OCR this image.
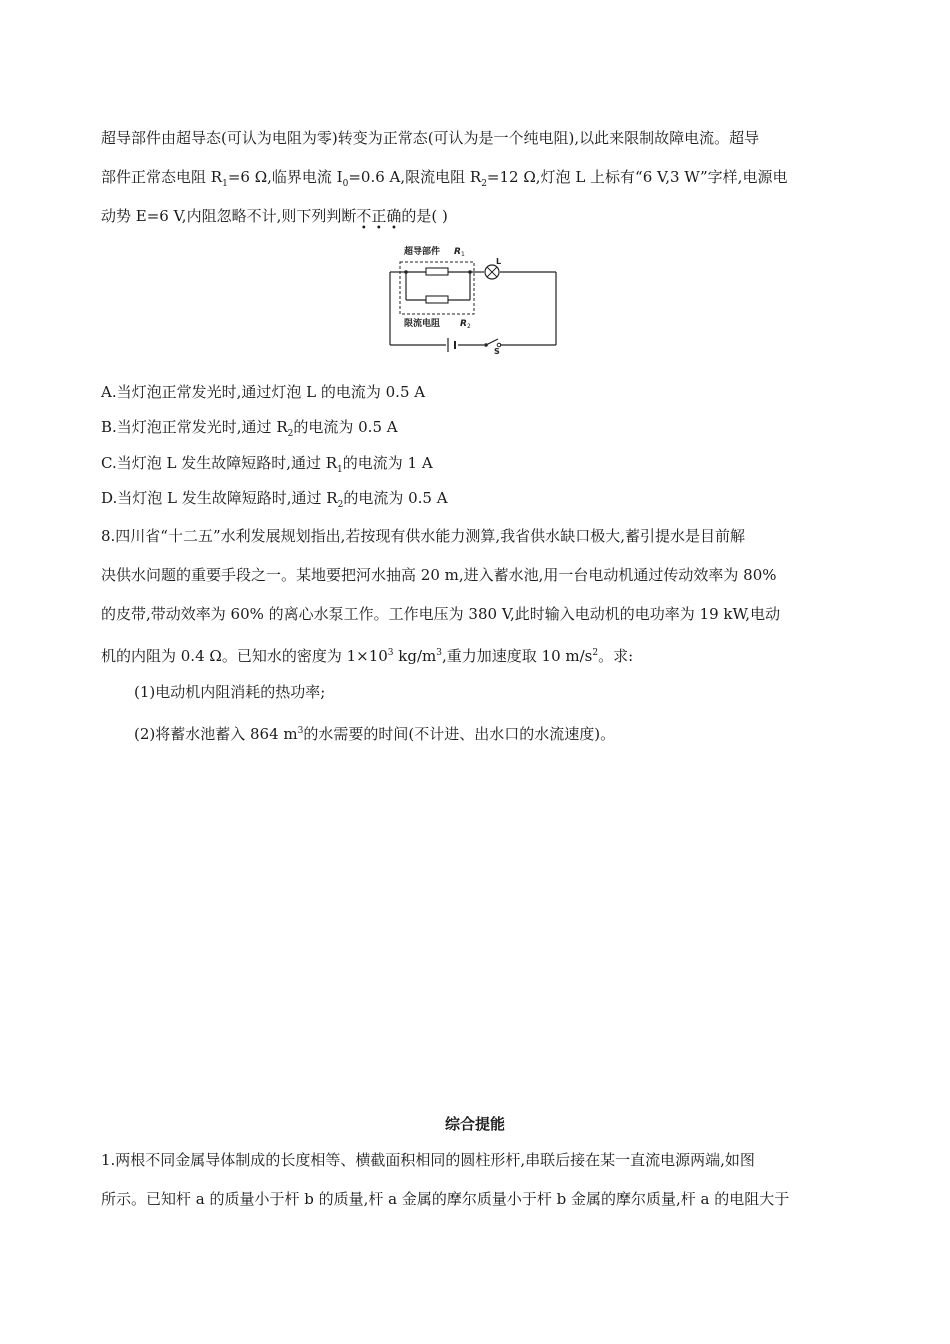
超导部件由超导态(可认为电阻为零)转变为正常态(可认为是一个纯电阻),以此来限制故障电流。超导
部件正常态电阻 $R_1=6$ Ω,临界电流 $I_0=0.6$ A,限流电阻 $R_2=12$ Ω,灯泡 L 上标有“6 V,3 W”字样,电源电
动势 E=6 V,内阻忽略不计,则下列判断不正确的是( )
S
L
超导部件 R 1
限流电阻 R 2
A.当灯泡正常发光时,通过灯泡 L 的电流为 0.5 A
B.当灯泡正常发光时,通过 $R_2$的电流为 0.5 A
C.当灯泡 L 发生故障短路时,通过 $R_1$的电流为 1 A
D.当灯泡 L 发生故障短路时,通过 $R_2$的电流为 0.5 A
8.四川省“十二五”水利发展规划指出,若按现有供水能力测算,我省供水缺口极大,蓄引提水是目前解
决供水问题的重要手段之一。某地要把河水抽高 20 m,进入蓄水池,用一台电动机通过传动效率为 80%
的皮带,带动效率为 60% 的离心水泵工作。工作电压为 380 V,此时输入电动机的电功率为 19 kW,电动
机的内阻为 0.4 Ω。已知水的密度为 $1\times 10^3$ $kg/m^3$,重力加速度取 10 $m/s^2$。求:
(1)电动机内阻消耗的热功率;
(2)将蓄水池蓄入 864 $m^3$的水需要的时间(不计进、出水口的水流速度)。
综合提能
1.两根不同金属导体制成的长度相等、横截面积相同的圆柱形杆,串联后接在某一直流电源两端,如图
所示。已知杆 a 的质量小于杆 b 的质量,杆 a 金属的摩尔质量小于杆 b 金属的摩尔质量,杆 a 的电阻大于
